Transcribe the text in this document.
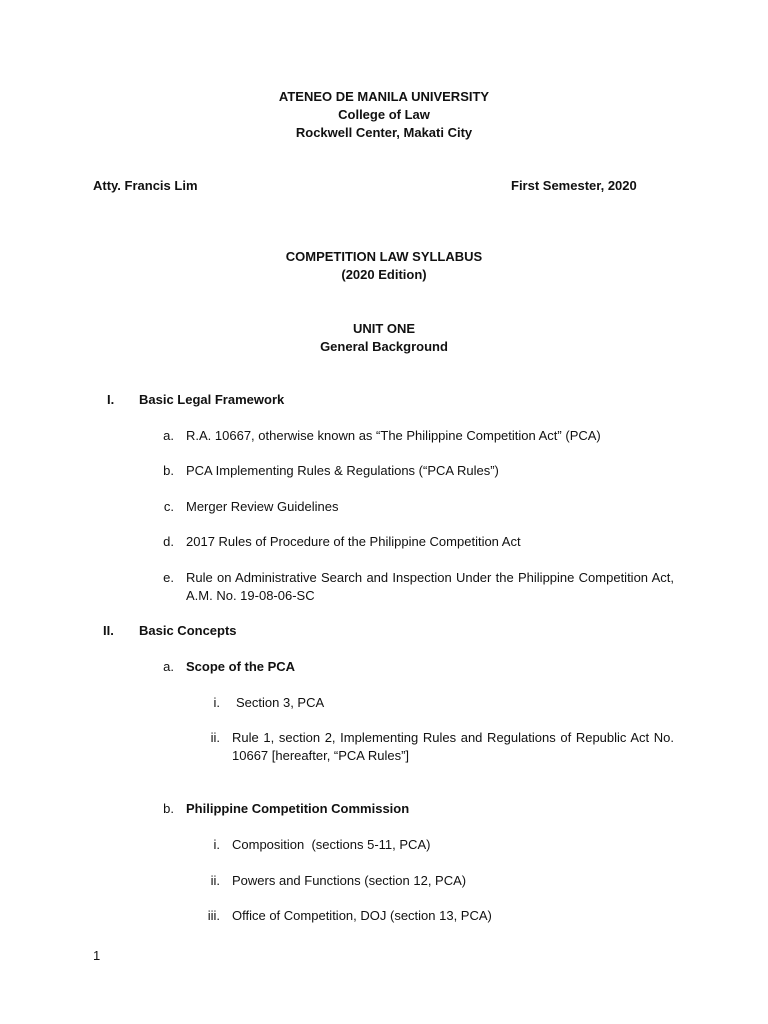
ATENEO DE MANILA UNIVERSITY
College of Law
Rockwell Center, Makati City
Atty. Francis Lim	First Semester, 2020
COMPETITION LAW SYLLABUS
(2020 Edition)
UNIT ONE
General Background
I. Basic Legal Framework
a. R.A. 10667, otherwise known as “The Philippine Competition Act” (PCA)
b. PCA Implementing Rules & Regulations (“PCA Rules”)
c. Merger Review Guidelines
d. 2017 Rules of Procedure of the Philippine Competition Act
e. Rule on Administrative Search and Inspection Under the Philippine Competition Act, A.M. No. 19-08-06-SC
II. Basic Concepts
a. Scope of the PCA
i. Section 3, PCA
ii. Rule 1, section 2, Implementing Rules and Regulations of Republic Act No. 10667 [hereafter, “PCA Rules”]
b. Philippine Competition Commission
i. Composition  (sections 5-11, PCA)
ii. Powers and Functions (section 12, PCA)
iii. Office of Competition, DOJ (section 13, PCA)
1
